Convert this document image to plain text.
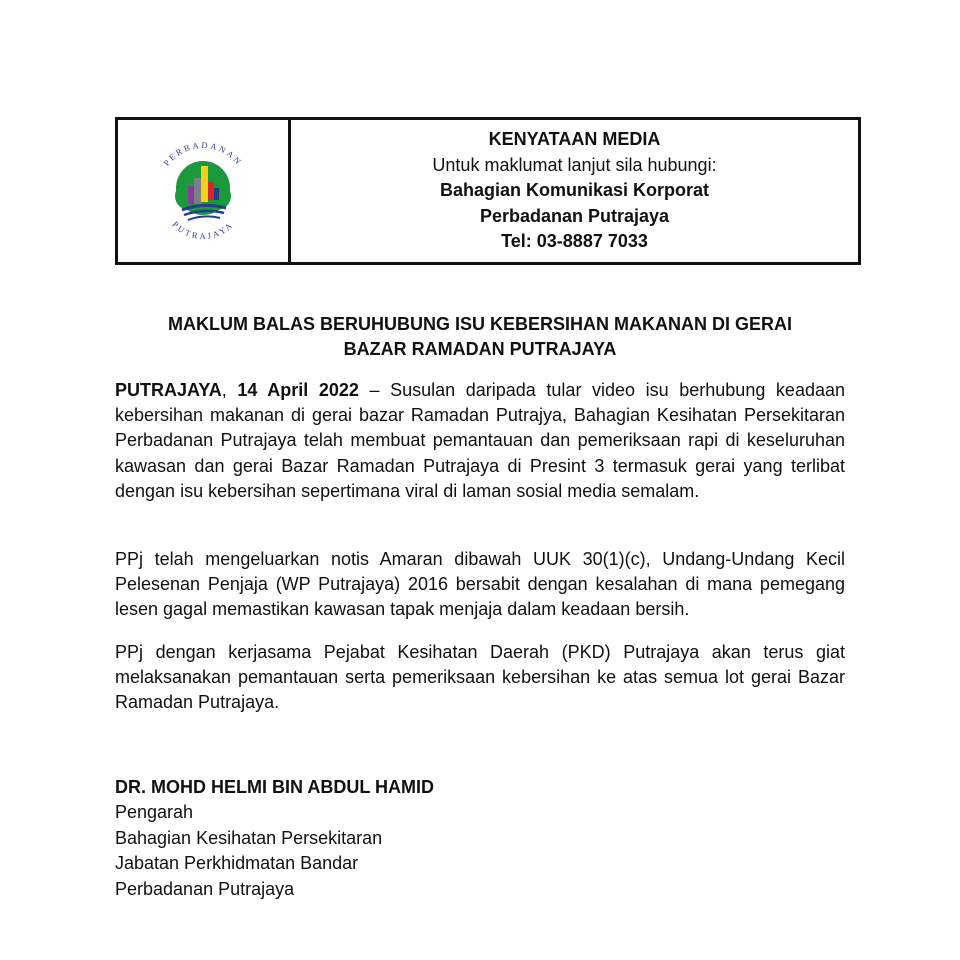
PERBADANAN
PUTRAJAYA
KENYATAAN MEDIA
Untuk maklumat lanjut sila hubungi:
Bahagian Komunikasi Korporat
Perbadanan Putrajaya
Tel: 03-8887 7033
MAKLUM BALAS BERUHUBUNG ISU KEBERSIHAN MAKANAN DI GERAI
BAZAR RAMADAN PUTRAJAYA

PUTRAJAYA, 14 April 2022 – Susulan daripada tular video isu berhubung keadaan kebersihan makanan di gerai bazar Ramadan Putrajya, Bahagian Kesihatan Persekitaran Perbadanan Putrajaya telah membuat pemantauan dan pemeriksaan rapi di keseluruhan kawasan dan gerai Bazar Ramadan Putrajaya di Presint 3 termasuk gerai yang terlibat dengan isu kebersihan sepertimana viral di laman sosial media semalam.

PPj telah mengeluarkan notis Amaran dibawah UUK 30(1)(c), Undang-Undang Kecil Pelesenan Penjaja (WP Putrajaya) 2016 bersabit dengan kesalahan di mana pemegang lesen gagal memastikan kawasan tapak menjaja dalam keadaan bersih.

PPj dengan kerjasama Pejabat Kesihatan Daerah (PKD) Putrajaya akan terus giat melaksanakan pemantauan serta pemeriksaan kebersihan ke atas semua lot gerai Bazar Ramadan Putrajaya.

DR. MOHD HELMI BIN ABDUL HAMID
Pengarah
Bahagian Kesihatan Persekitaran
Jabatan Perkhidmatan Bandar
Perbadanan Putrajaya
